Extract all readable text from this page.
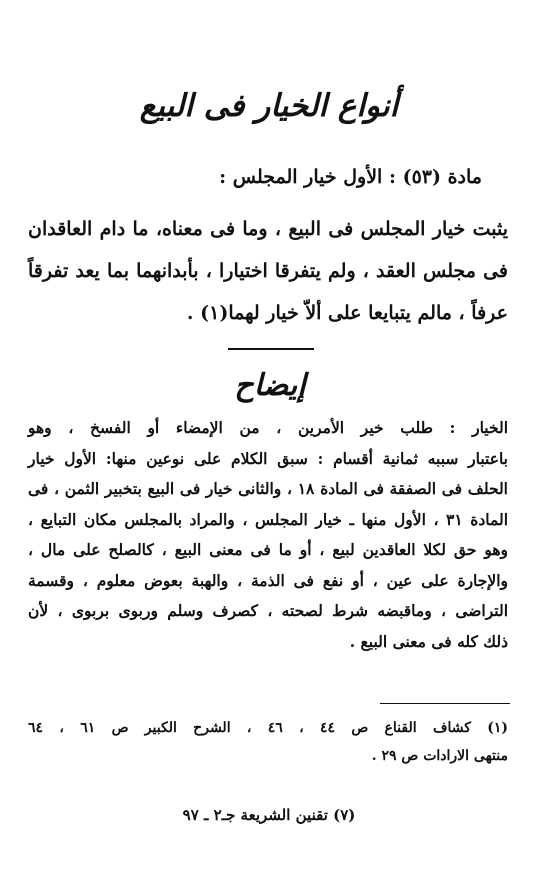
أنواع الخيار فى البيع
مادة (٥٣) : الأول خيار المجلس :
يثبت خيار المجلس فى البيع ، وما فى معناه، ما دام العاقدان
فى مجلس العقد ، ولم يتفرقا اختيارا ، بأبدانهما بما يعد تفرقاً
عرفاً ، مالم يتبايعا على ألاّ خيار لهما(١) .
إيضاح
الخيار : طلب خير الأمرين ، من الإمضاء أو الفسخ ، وهو
باعتبار سببه ثمانية أقسام : سبق الكلام على نوعين منها: الأول خيار
الحلف فى الصفقة فى المادة ١٨ ، والثانى خيار فى البيع بتخبير الثمن ، فى
المادة ٣١ ، الأول منها ـ خيار المجلس ، والمراد بالمجلس مكان التبايع ،
وهو حق لكلا العاقدين لبيع ، أو ما فى معنى البيع ، كالصلح على مال ،
والإجارة على عين ، أو نفع فى الذمة ، والهبة بعوض معلوم ، وقسمة
التراضى ، وماقبضه شرط لصحته ، كصرف وسلم وربوى بربوى ، لأن
ذلك كله فى معنى البيع .
(١) كشاف القناع ص ٤٤ ، ٤٦ ، الشرح الكبير ص ٦١ ، ٦٤
منتهى الارادات ص ٢٩ .
(٧) تقنين الشريعة جـ٢ ـ ٩٧
